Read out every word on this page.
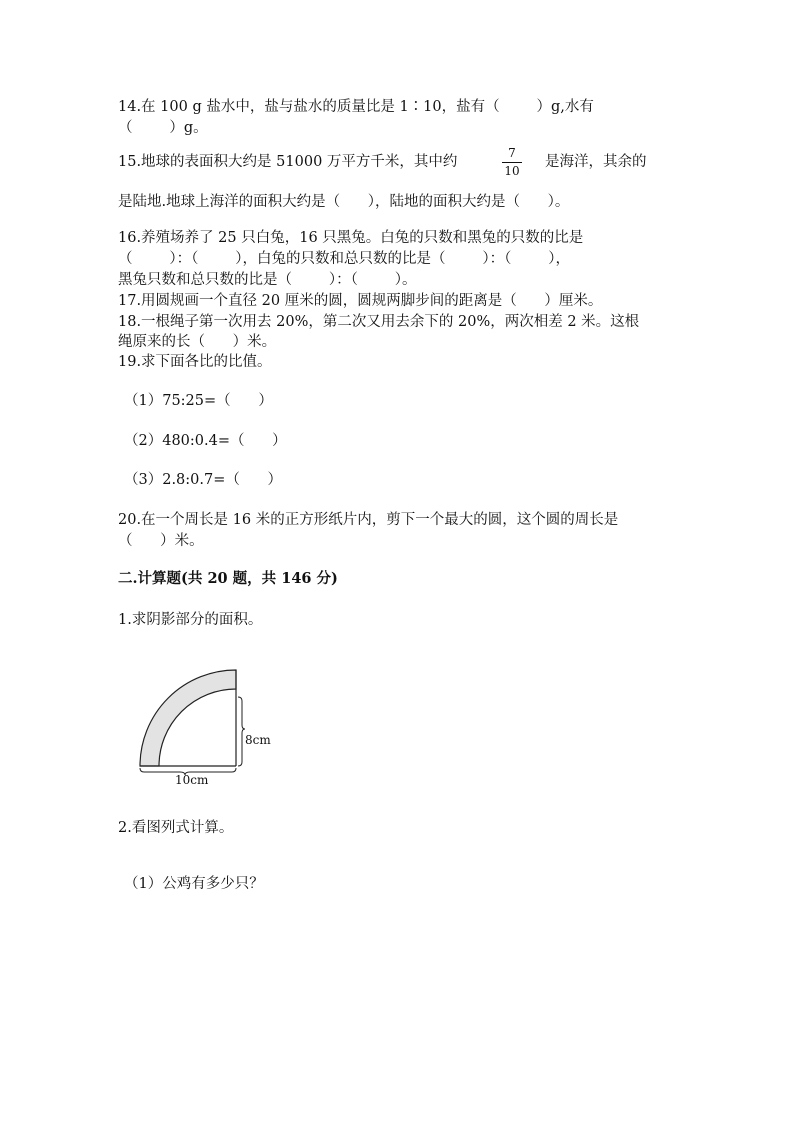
14.在 100 g 盐水中，盐与盐水的质量比是 1∶10，盐有（        ）g,水有
（        ）g。
15.地球的表面积大约是 51000 万平方千米，其中约
7
10
是海洋，其余的
是陆地.地球上海洋的面积大约是（      ），陆地的面积大约是（      ）。
16.养殖场养了 25 只白兔，16 只黑兔。白兔的只数和黑兔的只数的比是
（        ）：（        ），白兔的只数和总只数的比是（        ）：（        ），
黑兔只数和总只数的比是（        ）：（        ）。
17.用圆规画一个直径 20 厘米的圆，圆规两脚步间的距离是（      ）厘米。
18.一根绳子第一次用去 20%，第二次又用去余下的 20%，两次相差 2 米。这根
绳原来的长（      ）米。
19.求下面各比的比值。
（1）75:25=（      ）
（2）480:0.4=（      ）
（3）2.8:0.7=（      ）
20.在一个周长是 16 米的正方形纸片内，剪下一个最大的圆，这个圆的周长是
（      ）米。
二.计算题(共 20 题，共 146 分)
1.求阴影部分的面积。
8cm
10cm
2.看图列式计算。
（1）公鸡有多少只？
